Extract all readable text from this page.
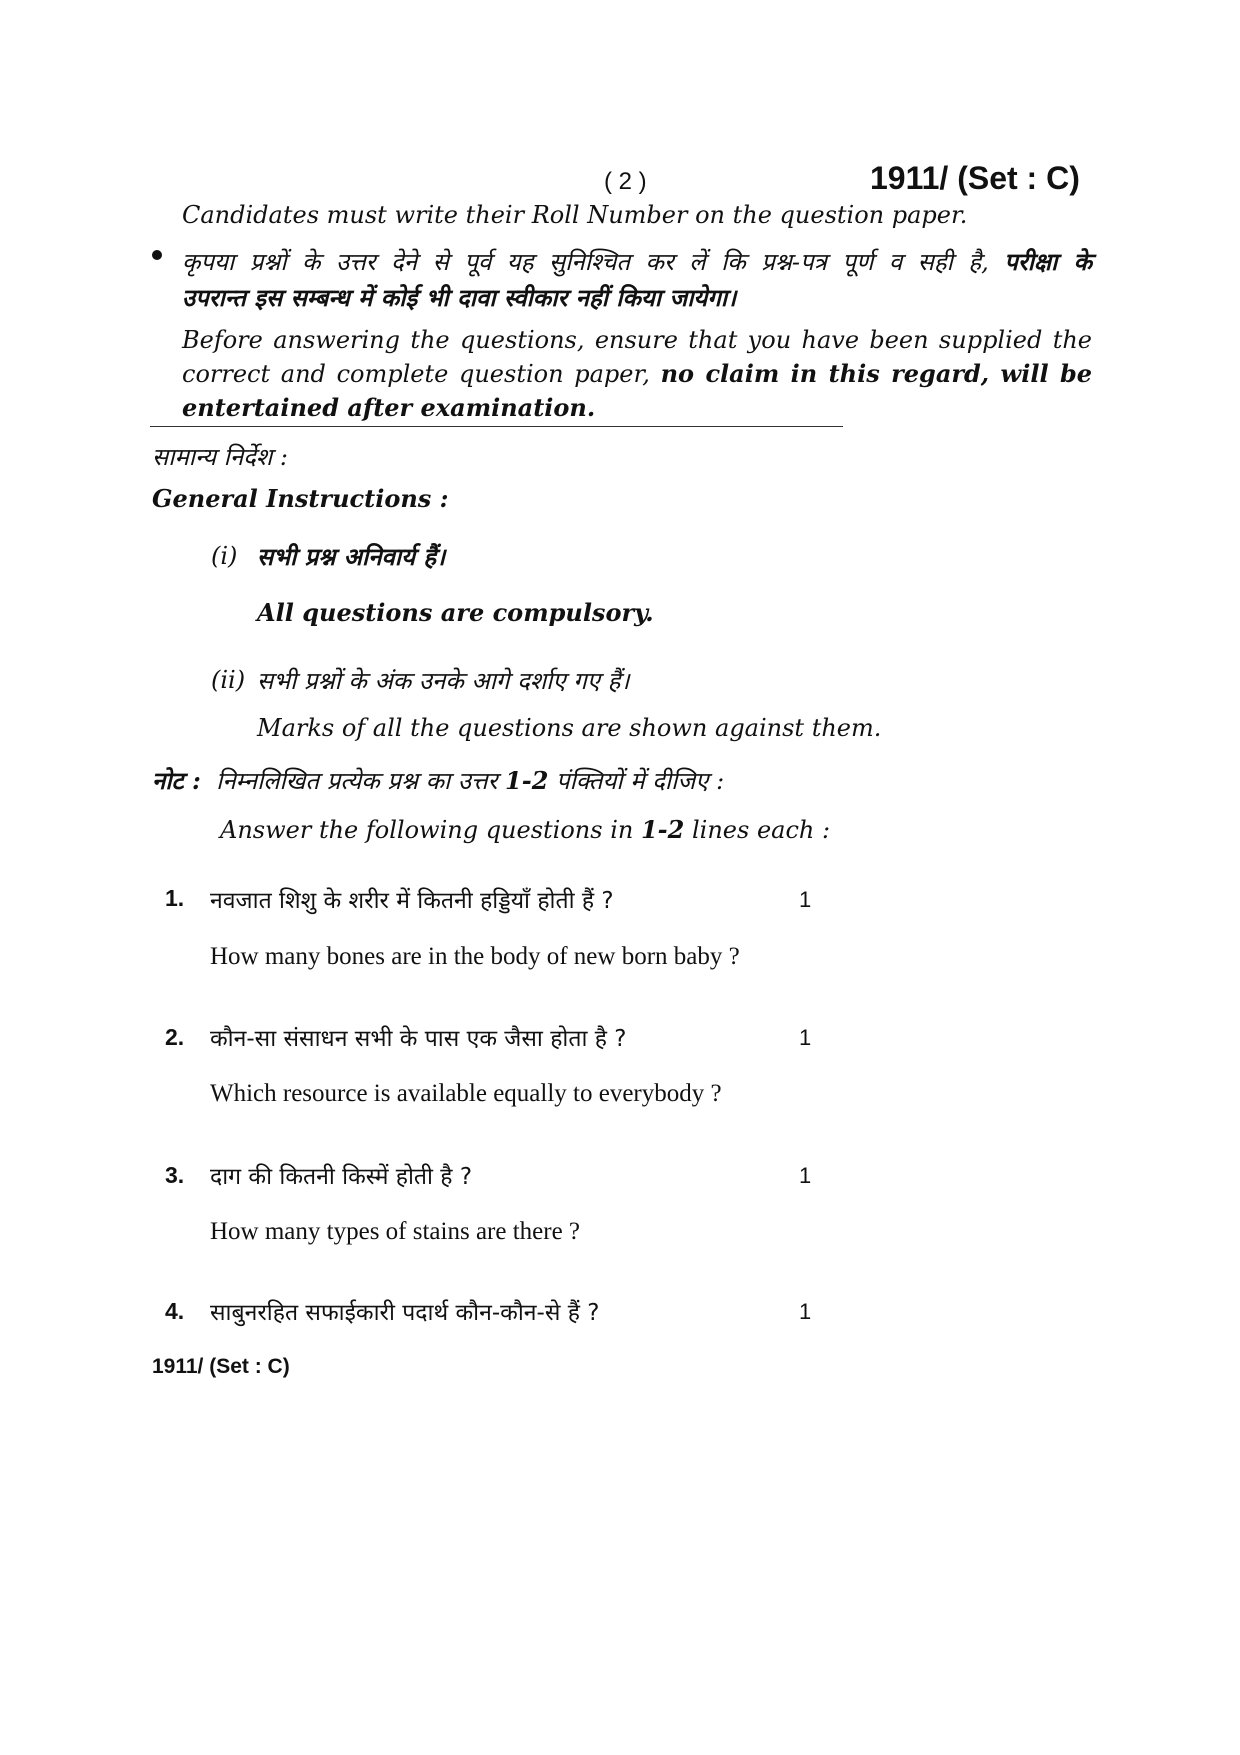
( 2 )	1911/ (Set : C)
Candidates must write their Roll Number on the question paper.
कृपया प्रश्नों के उत्तर देने से पूर्व यह सुनिश्चित कर लें कि प्रश्न-पत्र पूर्ण व सही है, परीक्षा के
उपरान्त इस सम्बन्ध में कोई भी दावा स्वीकार नहीं किया जायेगा।
Before answering the questions, ensure that you have been supplied the correct and complete question paper, no claim in this regard, will be entertained after examination.
सामान्य निर्देश :
General Instructions :
(i) सभी प्रश्न अनिवार्य हैं।
All questions are compulsory.
(ii) सभी प्रश्नों के अंक उनके आगे दर्शाए गए हैं।
Marks of all the questions are shown against them.
नोट : निम्नलिखित प्रत्येक प्रश्न का उत्तर 1-2 पंक्तियों में दीजिए :
Answer the following questions in 1-2 lines each :
1. नवजात शिशु के शरीर में कितनी हड्डियाँ होती हैं ?	1
How many bones are in the body of new born baby ?
2. कौन-सा संसाधन सभी के पास एक जैसा होता है ?	1
Which resource is available equally to everybody ?
3. दाग की कितनी किस्में होती है ?	1
How many types of stains are there ?
4. साबुनरहित सफाईकारी पदार्थ कौन-कौन-से हैं ?	1
1911/ (Set : C)
